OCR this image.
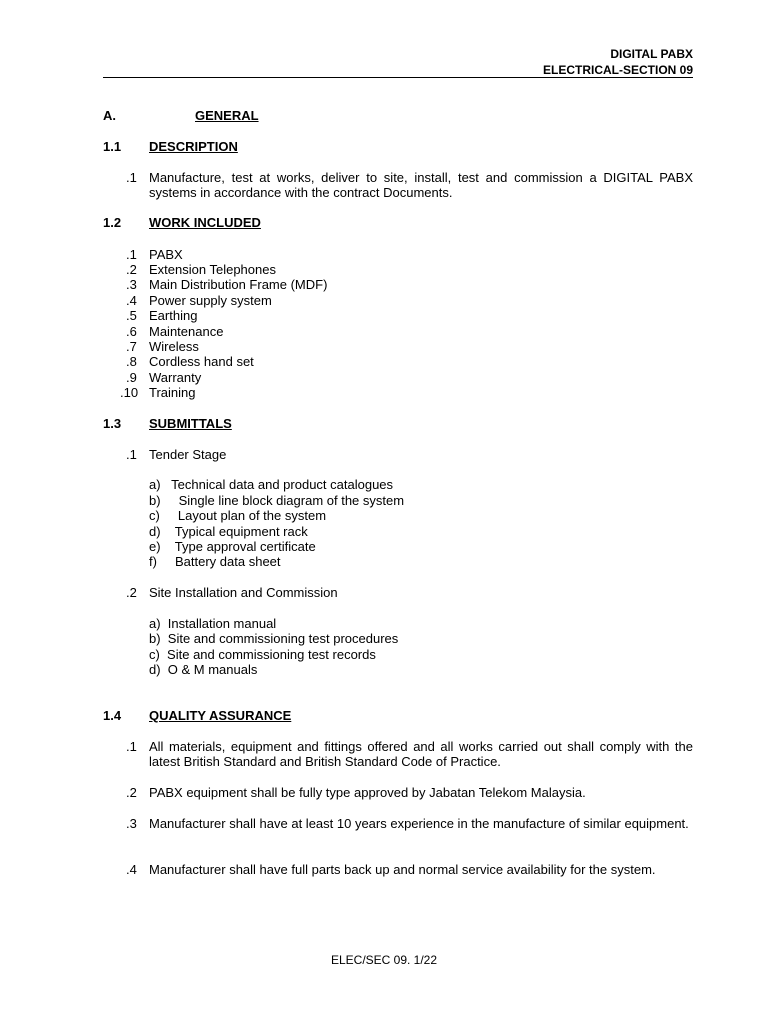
DIGITAL PABX
ELECTRICAL-SECTION 09
A.	GENERAL
1.1 DESCRIPTION
.1 Manufacture, test at works, deliver to site, install, test and commission a DIGITAL PABX systems in accordance with the contract Documents.
1.2 WORK INCLUDED
.1 PABX
.2 Extension Telephones
.3 Main Distribution Frame (MDF)
.4 Power supply system
.5 Earthing
.6 Maintenance
.7 Wireless
.8 Cordless hand set
.9 Warranty
.10 Training
1.3 SUBMITTALS
.1 Tender Stage
a)   Technical data and product catalogues
b)     Single line block diagram of the system
c)     Layout plan of the system
d)    Typical equipment rack
e)    Type approval certificate
f)     Battery data sheet
.2 Site Installation and Commission
a)  Installation manual
b)  Site and commissioning test procedures
c)  Site and commissioning test records
d)  O & M manuals
1.4 QUALITY ASSURANCE
.1 All materials, equipment and fittings offered and all works carried out shall comply with the latest British Standard and British Standard Code of Practice.
.2 PABX equipment shall be fully type approved by Jabatan Telekom Malaysia.
.3 Manufacturer shall have at least 10 years experience in the manufacture of similar equipment.
.4 Manufacturer shall have full parts back up and normal service availability for the system.
ELEC/SEC 09. 1/22
